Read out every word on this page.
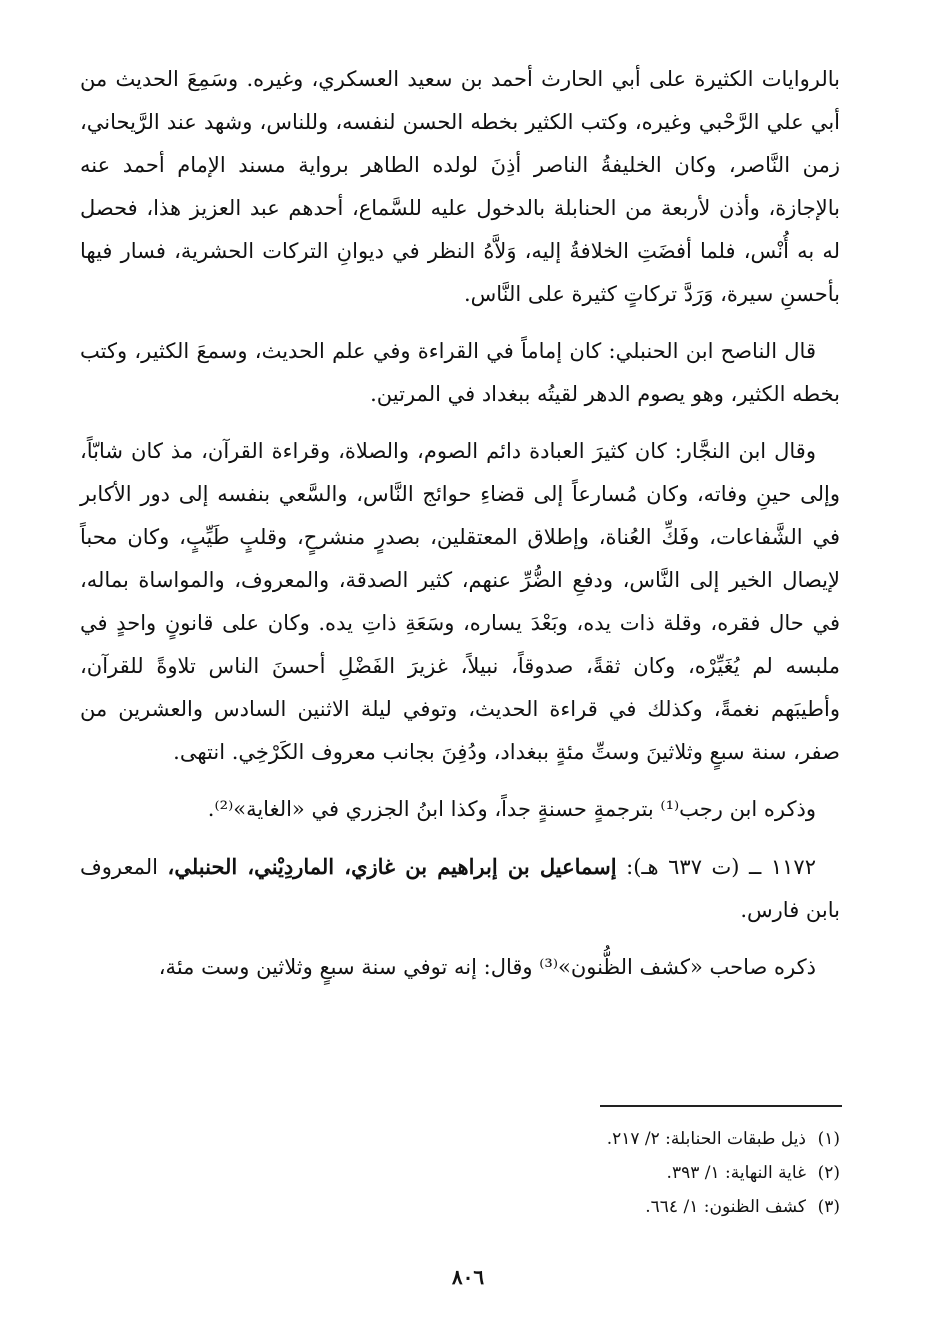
بالروايات الكثيرة على أبي الحارث أحمد بن سعيد العسكري، وغيره. وسَمِعَ الحديث من أبي علي الرَّحْبي وغيره، وكتب الكثير بخطه الحسن لنفسه، وللناس، وشهد عند الرَّيحاني، زمن النَّاصر، وكان الخليفةُ الناصر أذِنَ لولده الطاهر برواية مسند الإمام أحمد عنه بالإجازة، وأذن لأربعة من الحنابلة بالدخول عليه للسَّماع، أحدهم عبد العزيز هذا، فحصل له به أُنْس، فلما أفضَتِ الخلافةُ إليه، وَلاَّهُ النظر في ديوانِ التركات الحشرية، فسار فيها بأحسنِ سيرة، وَرَدَّ تركاتٍ كثيرة على النَّاس.

قال الناصح ابن الحنبلي: كان إماماً في القراءة وفي علم الحديث، وسمعَ الكثير، وكتب بخطه الكثير، وهو يصوم الدهر لقيتُه ببغداد في المرتين.

وقال ابن النجَّار: كان كثيرَ العبادة دائم الصوم، والصلاة، وقراءة القرآن، مذ كان شابّاً، وإلى حينِ وفاته، وكان مُسارعاً إلى قضاءِ حوائج النَّاس، والسَّعي بنفسه إلى دور الأكابر في الشَّفاعات، وفَكِّ العُناة، وإطلاق المعتقلين، بصدرٍ منشرحٍ، وقلبٍ طَيِّبٍ، وكان محباً لإيصال الخير إلى النَّاس، ودفعِ الضُّرِّ عنهم، كثير الصدقة، والمعروف، والمواساة بماله، في حال فقره، وقلة ذات يده، وبَعْدَ يساره، وسَعَةِ ذاتِ يده. وكان على قانونٍ واحدٍ في ملبسه لم يُغَيِّرْه، وكان ثقةً، صدوقاً، نبيلاً، غزيرَ الفَضْلِ أحسنَ الناس تلاوةً للقرآن، وأطيبَهم نغمةً، وكذلك في قراءة الحديث، وتوفي ليلة الاثنين السادس والعشرين من صفر، سنة سبعٍ وثلاثينَ وستِّ مئةٍ ببغداد، ودُفِنَ بجانب معروف الكَرْخِي. انتهى.

وذكره ابن رجب⁽¹⁾ بترجمةٍ حسنةٍ جداً، وكذا ابنُ الجزري في «الغاية»⁽²⁾.

١١٧٢ ــ (ت ٦٣٧ هـ): إسماعيل بن إبراهيم بن غازي، الماردِيْني، الحنبلي، المعروف بابن فارس.

ذكره صاحب «كشف الظُّنون»⁽³⁾ وقال: إنه توفي سنة سبعٍ وثلاثين وست مئة،

(١)ذيل طبقات الحنابلة: ٢/ ٢١٧.
(٢)غاية النهاية: ١/ ٣٩٣.
(٣)كشف الظنون: ١/ ٦٦٤.
٨٠٦
